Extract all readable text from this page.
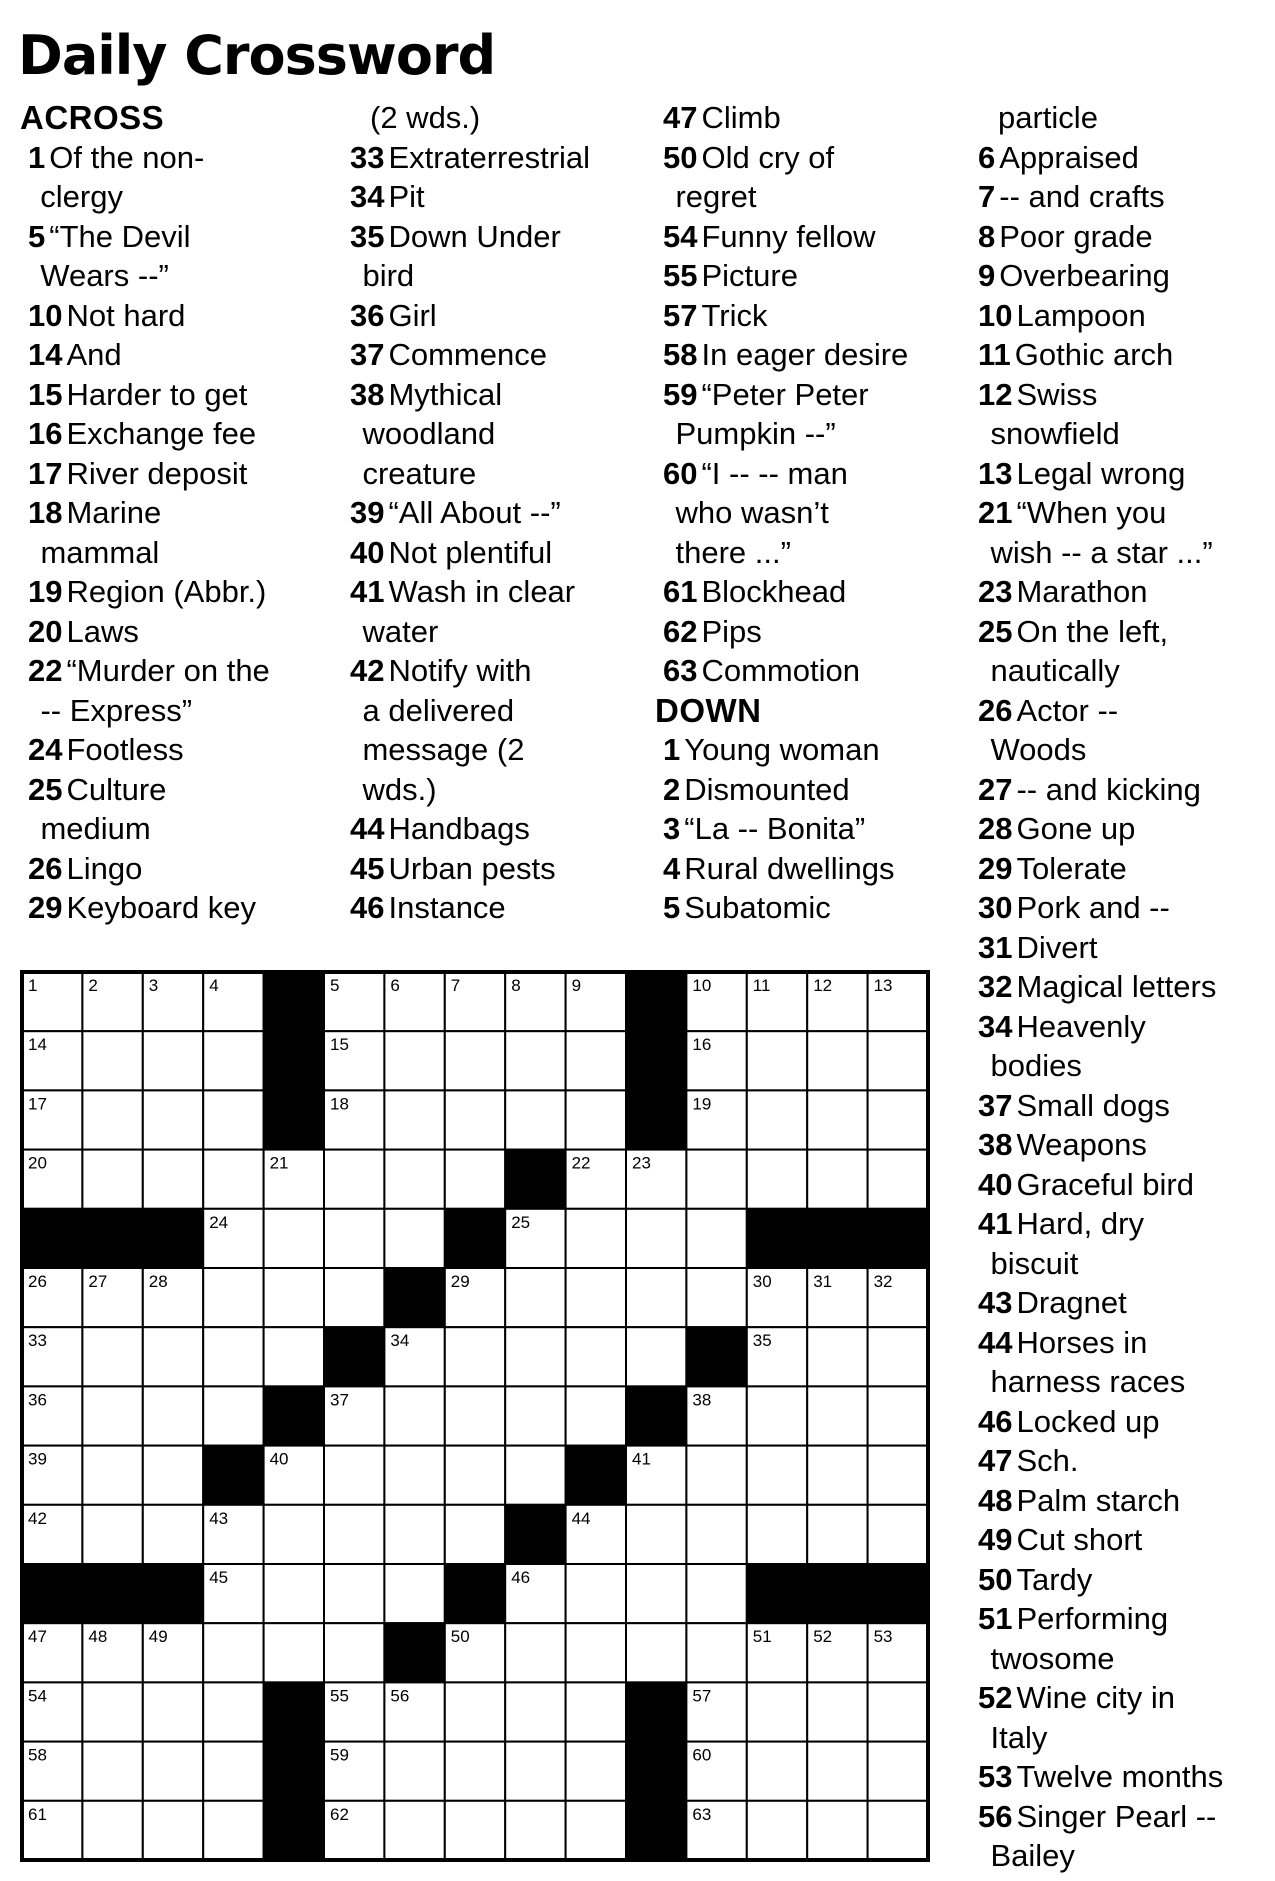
Daily Crossword
ACROSS
1 Of the non-
clergy
5 “The Devil
Wears --”
10 Not hard
14 And
15 Harder to get
16 Exchange fee
17 River deposit
18 Marine
mammal
19 Region (Abbr.)
20 Laws
22 “Murder on the
-- Express”
24 Footless
25 Culture
medium
26 Lingo
29 Keyboard key
(2 wds.)
33 Extraterrestrial
34 Pit
35 Down Under
bird
36 Girl
37 Commence
38 Mythical
woodland
creature
39 “All About --”
40 Not plentiful
41 Wash in clear
water
42 Notify with
a delivered
message (2
wds.)
44 Handbags
45 Urban pests
46 Instance
47 Climb
50 Old cry of
regret
54 Funny fellow
55 Picture
57 Trick
58 In eager desire
59 “Peter Peter
Pumpkin --”
60 “I -- -- man
who wasn’t
there ...”
61 Blockhead
62 Pips
63 Commotion
DOWN
1 Young woman
2 Dismounted
3 “La -- Bonita”
4 Rural dwellings
5 Subatomic
particle
6 Appraised
7 -- and crafts
8 Poor grade
9 Overbearing
10 Lampoon
11 Gothic arch
12 Swiss
snowfield
13 Legal wrong
21 “When you
wish -- a star ...”
23 Marathon
25 On the left,
nautically
26 Actor --
Woods
27 -- and kicking
28 Gone up
29 Tolerate
30 Pork and --
31 Divert
32 Magical letters
34 Heavenly
bodies
37 Small dogs
38 Weapons
40 Graceful bird
41 Hard, dry
biscuit
43 Dragnet
44 Horses in
harness races
46 Locked up
47 Sch.
48 Palm starch
49 Cut short
50 Tardy
51 Performing
twosome
52 Wine city in
Italy
53 Twelve months
56 Singer Pearl --
Bailey
1	2	3	4	5	6	7	8	9	10 11	12 13
14	15	16
17	18	19
20	21	22 23
24	25
26 27 28	29	30 31 32
33	34	35
36	37	38
39	40	41
42	43	44
45	46
47 48 49	50	51 52 53
54	55 56	57
58	59	60
61	62	63
